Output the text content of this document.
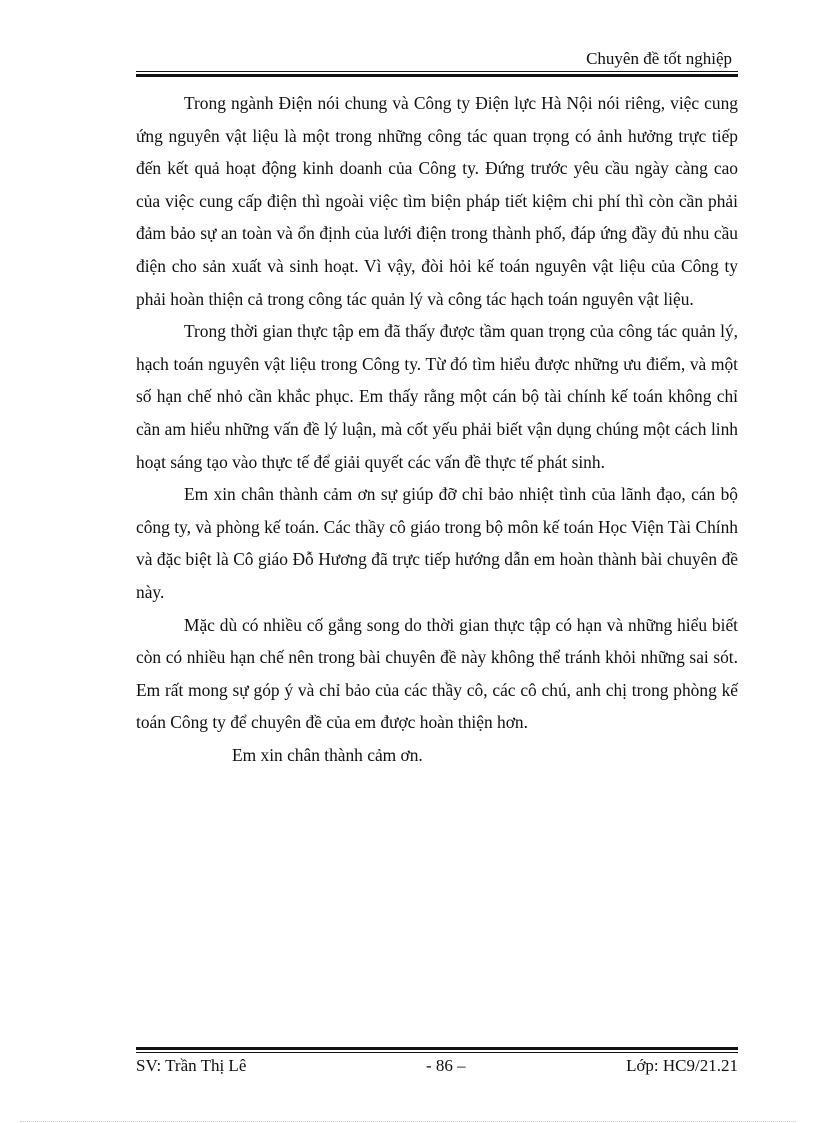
Chuyên đề tốt nghiệp

Trong ngành Điện nói chung và Công ty Điện lực Hà Nội nói riêng, việc cung ứng nguyên vật liệu là một trong những công tác quan trọng có ảnh hưởng trực tiếp đến kết quả hoạt động kinh doanh của Công ty. Đứng trước yêu cầu ngày càng cao của việc cung cấp điện thì ngoài việc tìm biện pháp tiết kiệm chi phí thì còn cần phải đảm bảo sự an toàn và ổn định của lưới điện trong thành phố, đáp ứng đầy đủ nhu cầu điện cho sản xuất và sinh hoạt. Vì vậy, đòi hỏi kế toán nguyên vật liệu của Công ty phải hoàn thiện cả trong công tác quản lý và công tác hạch toán nguyên vật liệu.

Trong thời gian thực tập em đã thấy được tầm quan trọng của công tác quản lý, hạch toán nguyên vật liệu trong Công ty. Từ đó tìm hiểu được những ưu điểm, và một số hạn chế nhỏ cần khắc phục. Em thấy rằng một cán bộ tài chính kế toán không chỉ cần am hiểu những vấn đề lý luận, mà cốt yếu phải biết vận dụng chúng một cách linh hoạt sáng tạo vào thực tế để giải quyết các vấn đề thực tế phát sinh.

Em xin chân thành cảm ơn sự giúp đỡ chỉ bảo nhiệt tình của lãnh đạo, cán bộ công ty, và phòng kế toán. Các thầy cô giáo trong bộ môn kế toán Học Viện Tài Chính và đặc biệt là Cô giáo Đỗ Hương đã trực tiếp hướng dẫn em hoàn thành bài chuyên đề này.

Mặc dù có nhiều cố gắng song do thời gian thực tập có hạn và những hiểu biết còn có nhiều hạn chế nên trong bài chuyên đề này không thể tránh khỏi những sai sót. Em rất mong sự góp ý và chỉ bảo của các thầy cô, các cô chú, anh chị trong phòng kế toán Công ty để chuyên đề của em được hoàn thiện hơn.

Em xin chân thành cảm ơn.

SV: Trần Thị Lê	- 86 –	Lớp: HC9/21.21
